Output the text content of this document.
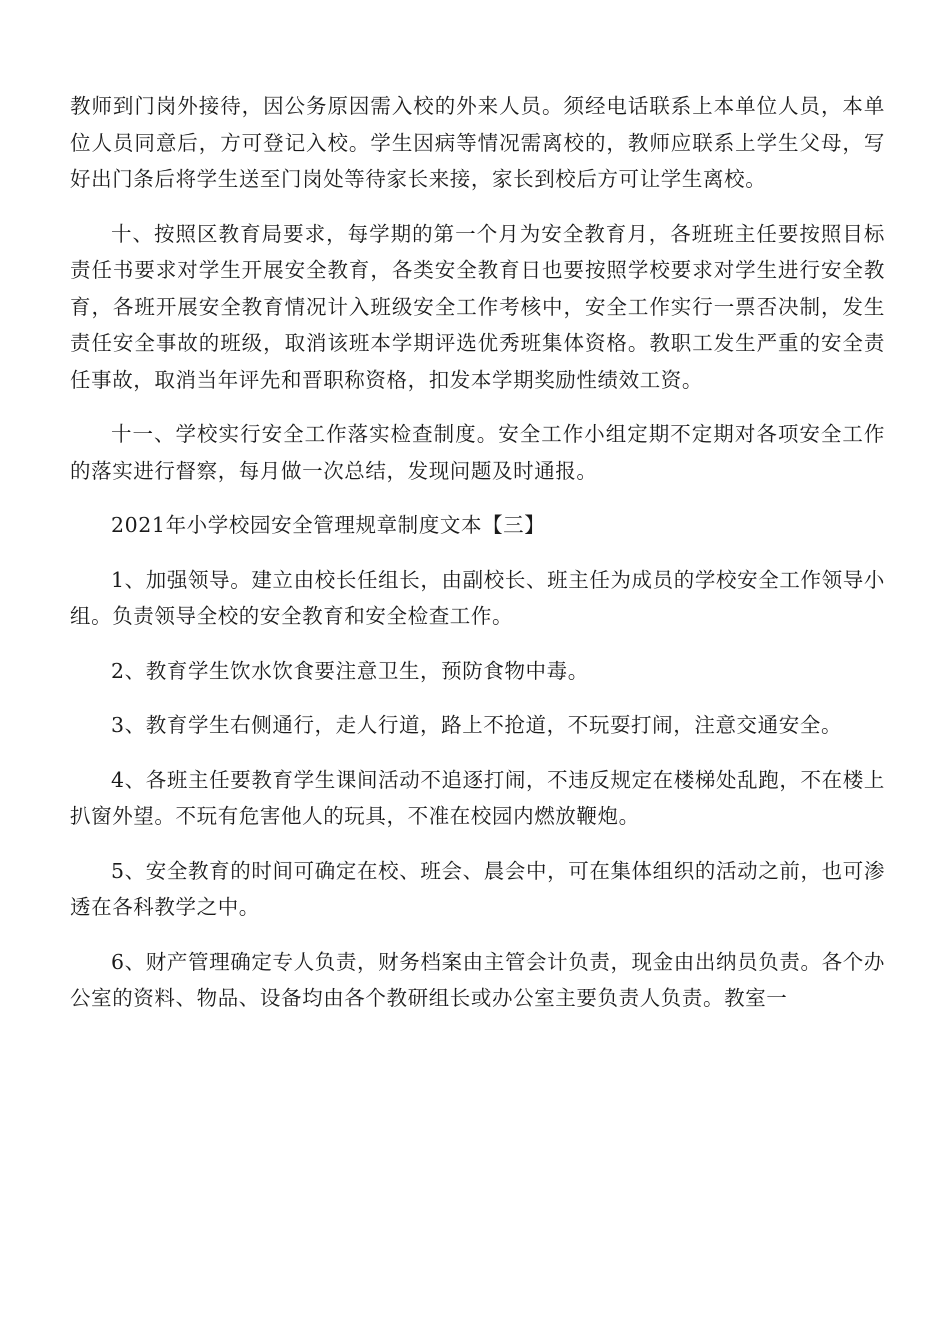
教师到门岗外接待，因公务原因需入校的外来人员。须经电话联系上本单位人员，本单位人员同意后，方可登记入校。学生因病等情况需离校的，教师应联系上学生父母，写好出门条后将学生送至门岗处等待家长来接，家长到校后方可让学生离校。

十、按照区教育局要求，每学期的第一个月为安全教育月，各班班主任要按照目标责任书要求对学生开展安全教育，各类安全教育日也要按照学校要求对学生进行安全教育，各班开展安全教育情况计入班级安全工作考核中，安全工作实行一票否决制，发生责任安全事故的班级，取消该班本学期评选优秀班集体资格。教职工发生严重的安全责任事故，取消当年评先和晋职称资格，扣发本学期奖励性绩效工资。

十一、学校实行安全工作落实检查制度。安全工作小组定期不定期对各项安全工作的落实进行督察，每月做一次总结，发现问题及时通报。

2021年小学校园安全管理规章制度文本【三】

1、加强领导。建立由校长任组长，由副校长、班主任为成员的学校安全工作领导小组。负责领导全校的安全教育和安全检查工作。

2、教育学生饮水饮食要注意卫生，预防食物中毒。

3、教育学生右侧通行，走人行道，路上不抢道，不玩耍打闹，注意交通安全。

4、各班主任要教育学生课间活动不追逐打闹，不违反规定在楼梯处乱跑，不在楼上扒窗外望。不玩有危害他人的玩具，不准在校园内燃放鞭炮。

5、安全教育的时间可确定在校、班会、晨会中，可在集体组织的活动之前，也可渗透在各科教学之中。

6、财产管理确定专人负责，财务档案由主管会计负责，现金由出纳员负责。各个办公室的资料、物品、设备均由各个教研组长或办公室主要负责人负责。教室一
